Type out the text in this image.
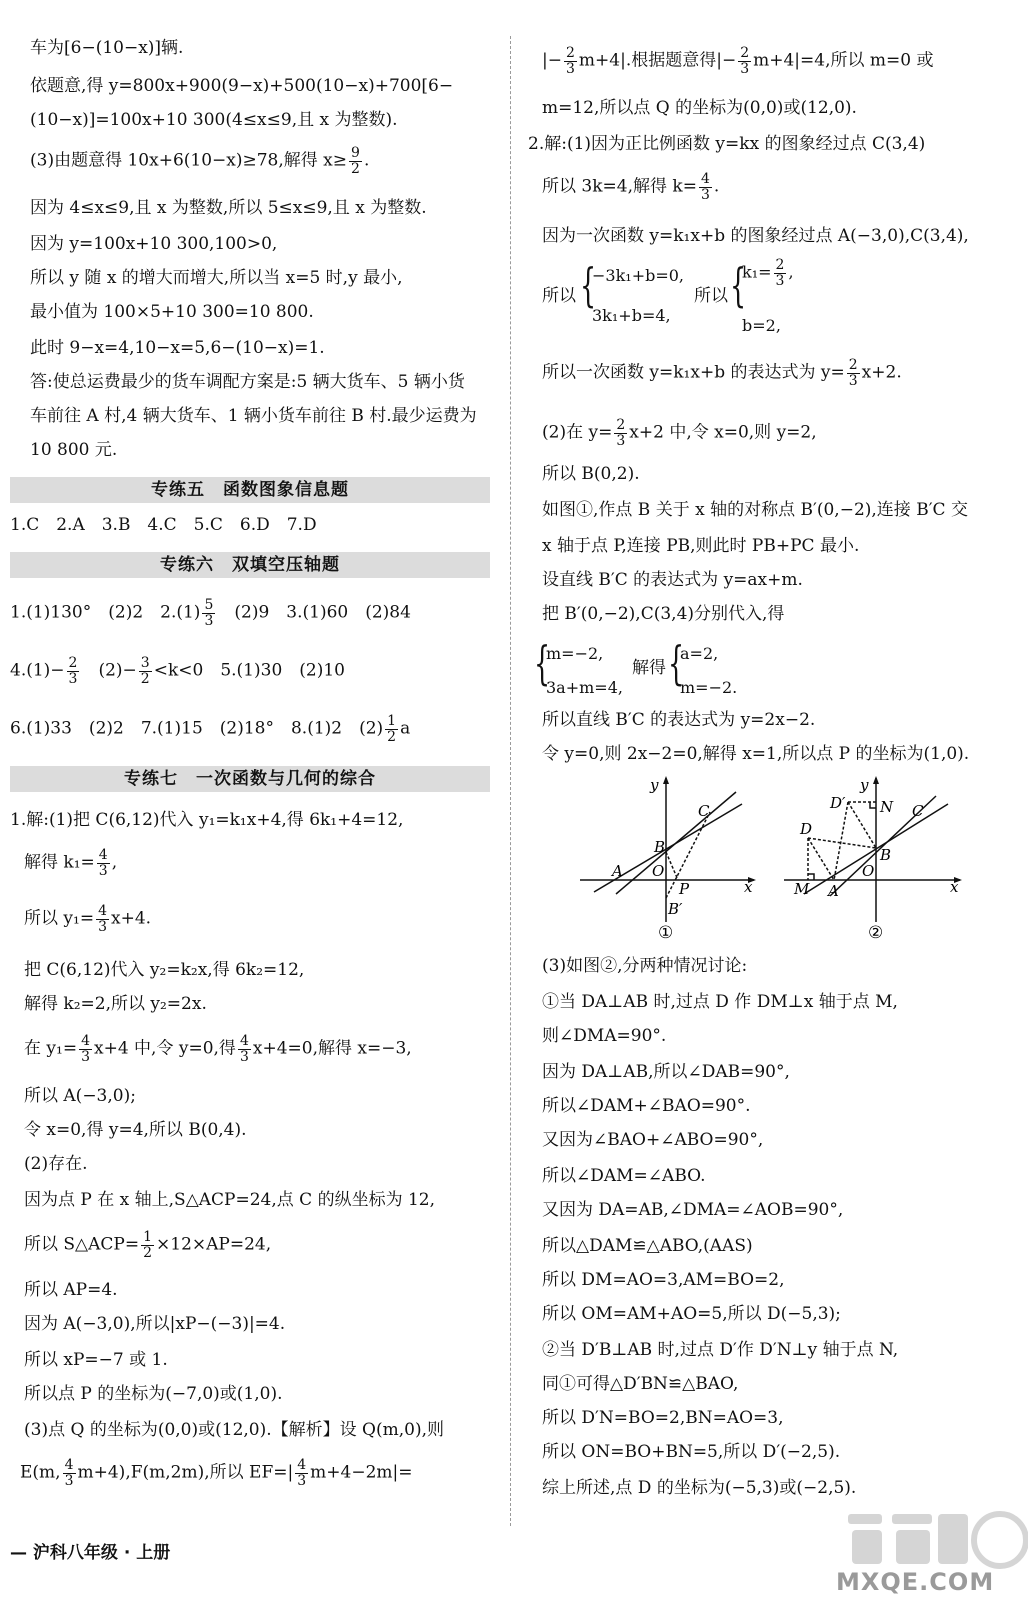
车为[6−(10−x)]辆.
依题意,得 y=800x+900(9−x)+500(10−x)+700[6−
(10−x)]=100x+10 300(4≤x≤9,且 x 为整数).
(3)由题意得 10x+6(10−x)≥78,解得 $x\ge \frac{9}{2}$ .
因为 4≤x≤9,且 x 为整数,所以 5≤x≤9,且 x 为整数.
因为 y=100x+10 300,100>0,
所以 y 随 x 的增大而增大,所以当 x=5 时,y 最小,
最小值为 100×5+10 300=10 800.
此时 9−x=4,10−x=5,6−(10−x)=1.
答:使总运费最少的货车调配方案是:5 辆大货车、5 辆小货
车前往 A 村,4 辆大货车、1 辆小货车前往 B 村.最少运费为
10 800 元.
专练五　函数图象信息题
1.C　2.A　3.B　4.C　5.C　6.D　7.D
专练六　双填空压轴题
1.(1)130°　(2)2　$2.(1) \frac{5}{3}$ 　(2)9　3.(1)60　(2)84
$4.(1)- \frac{2}{3}$ 　$(2)- \frac{3}{2} <k<0$　5.(1)30　(2)10
6.(1)33　(2)2　7.(1)15　(2)18°　8.(1)2　$(2) \frac{1}{2}$ a
专练七　一次函数与几何的综合
1.解:(1)把 C(6,12)代入 y₁=k₁x+4,得 6k₁+4=12,
解得 $k_1= \frac{4}{3}$ ,
所以 $y_1= \frac{4}{3} x+4$.
把 C(6,12)代入 y₂=k₂x,得 6k₂=12,
解得 k₂=2,所以 y₂=2x.
在 $y_1= \frac{4}{3} x+4$ 中,令 y=0,得 $\frac{4}{3} x+4=0$,解得 x=−3,
所以 A(−3,0);
令 x=0,得 y=4,所以 B(0,4).
(2)存在.
因为点 P 在 x 轴上,S△ACP=24,点 C 的纵坐标为 12,
所以 S△ACP= $\frac{1}{2} \times 12\times AP=24$,
所以 AP=4.
因为 A(−3,0),所以|xP−(−3)|=4.
所以 xP=−7 或 1.
所以点 P 的坐标为(−7,0)或(1,0).
(3)点 Q 的坐标为(0,0)或(12,0).【解析】设 Q(m,0),则
E(m, $\frac{4}{3} m+4),F(m,2m)$,所以 $EF=| \frac{4}{3} m+4-2m|=$
|− $\frac{2}{3} m+4|$.根据题意得|− $\frac{2}{3} m+4|=4$,所以 m=0 或
m=12,所以点 Q 的坐标为(0,0)或(12,0).
2.解:(1)因为正比例函数 y=kx 的图象经过点 C(3,4)
所以 3k=4,解得 $k= \frac{4}{3}$ .
因为一次函数 y=k₁x+b 的图象经过点 A(−3,0),C(3,4),
所以 {
−3k₁+b=0,
3k₁+b=4,
所以 {
$k_1= \frac{2}{3}$ ,
b=2,
所以一次函数 y=k₁x+b 的表达式为 $y= \frac{2}{3} x+2$.
(2)在 $y= \frac{2}{3} x+2$ 中,令 x=0,则 y=2,
所以 B(0,2).
如图①,作点 B 关于 x 轴的对称点 B′(0,−2),连接 B′C 交
x 轴于点 P,连接 PB,则此时 PB+PC 最小.
设直线 B′C 的表达式为 y=ax+m.
把 B′(0,−2),C(3,4)分别代入,得
{
m=−2,
3a+m=4,
解得 {
a=2,
m=−2.
所以直线 B′C 的表达式为 y=2x−2.
令 y=0,则 2x−2=0,解得 x=1,所以点 P 的坐标为(1,0).
y
x
C
B
A O
P
B′
①
y
x
C
B
A
O
D
D′ N
M
②
(3)如图②,分两种情况讨论:
①当 DA⊥AB 时,过点 D 作 DM⊥x 轴于点 M,
则∠DMA=90°.
因为 DA⊥AB,所以∠DAB=90°,
所以∠DAM+∠BAO=90°.
又因为∠BAO+∠ABO=90°,
所以∠DAM=∠ABO.
又因为 DA=AB,∠DMA=∠AOB=90°,
所以△DAM≌△ABO,(AAS)
所以 DM=AO=3,AM=BO=2,
所以 OM=AM+AO=5,所以 D(−5,3);
②当 D′B⊥AB 时,过点 D′作 D′N⊥y 轴于点 N,
同①可得△D′BN≌△BAO,
所以 D′N=BO=2,BN=AO=3,
所以 ON=BO+BN=5,所以 D′(−2,5).
综上所述,点 D 的坐标为(−5,3)或(−2,5).
— 沪科八年级 · 上册
MXQE.COM
